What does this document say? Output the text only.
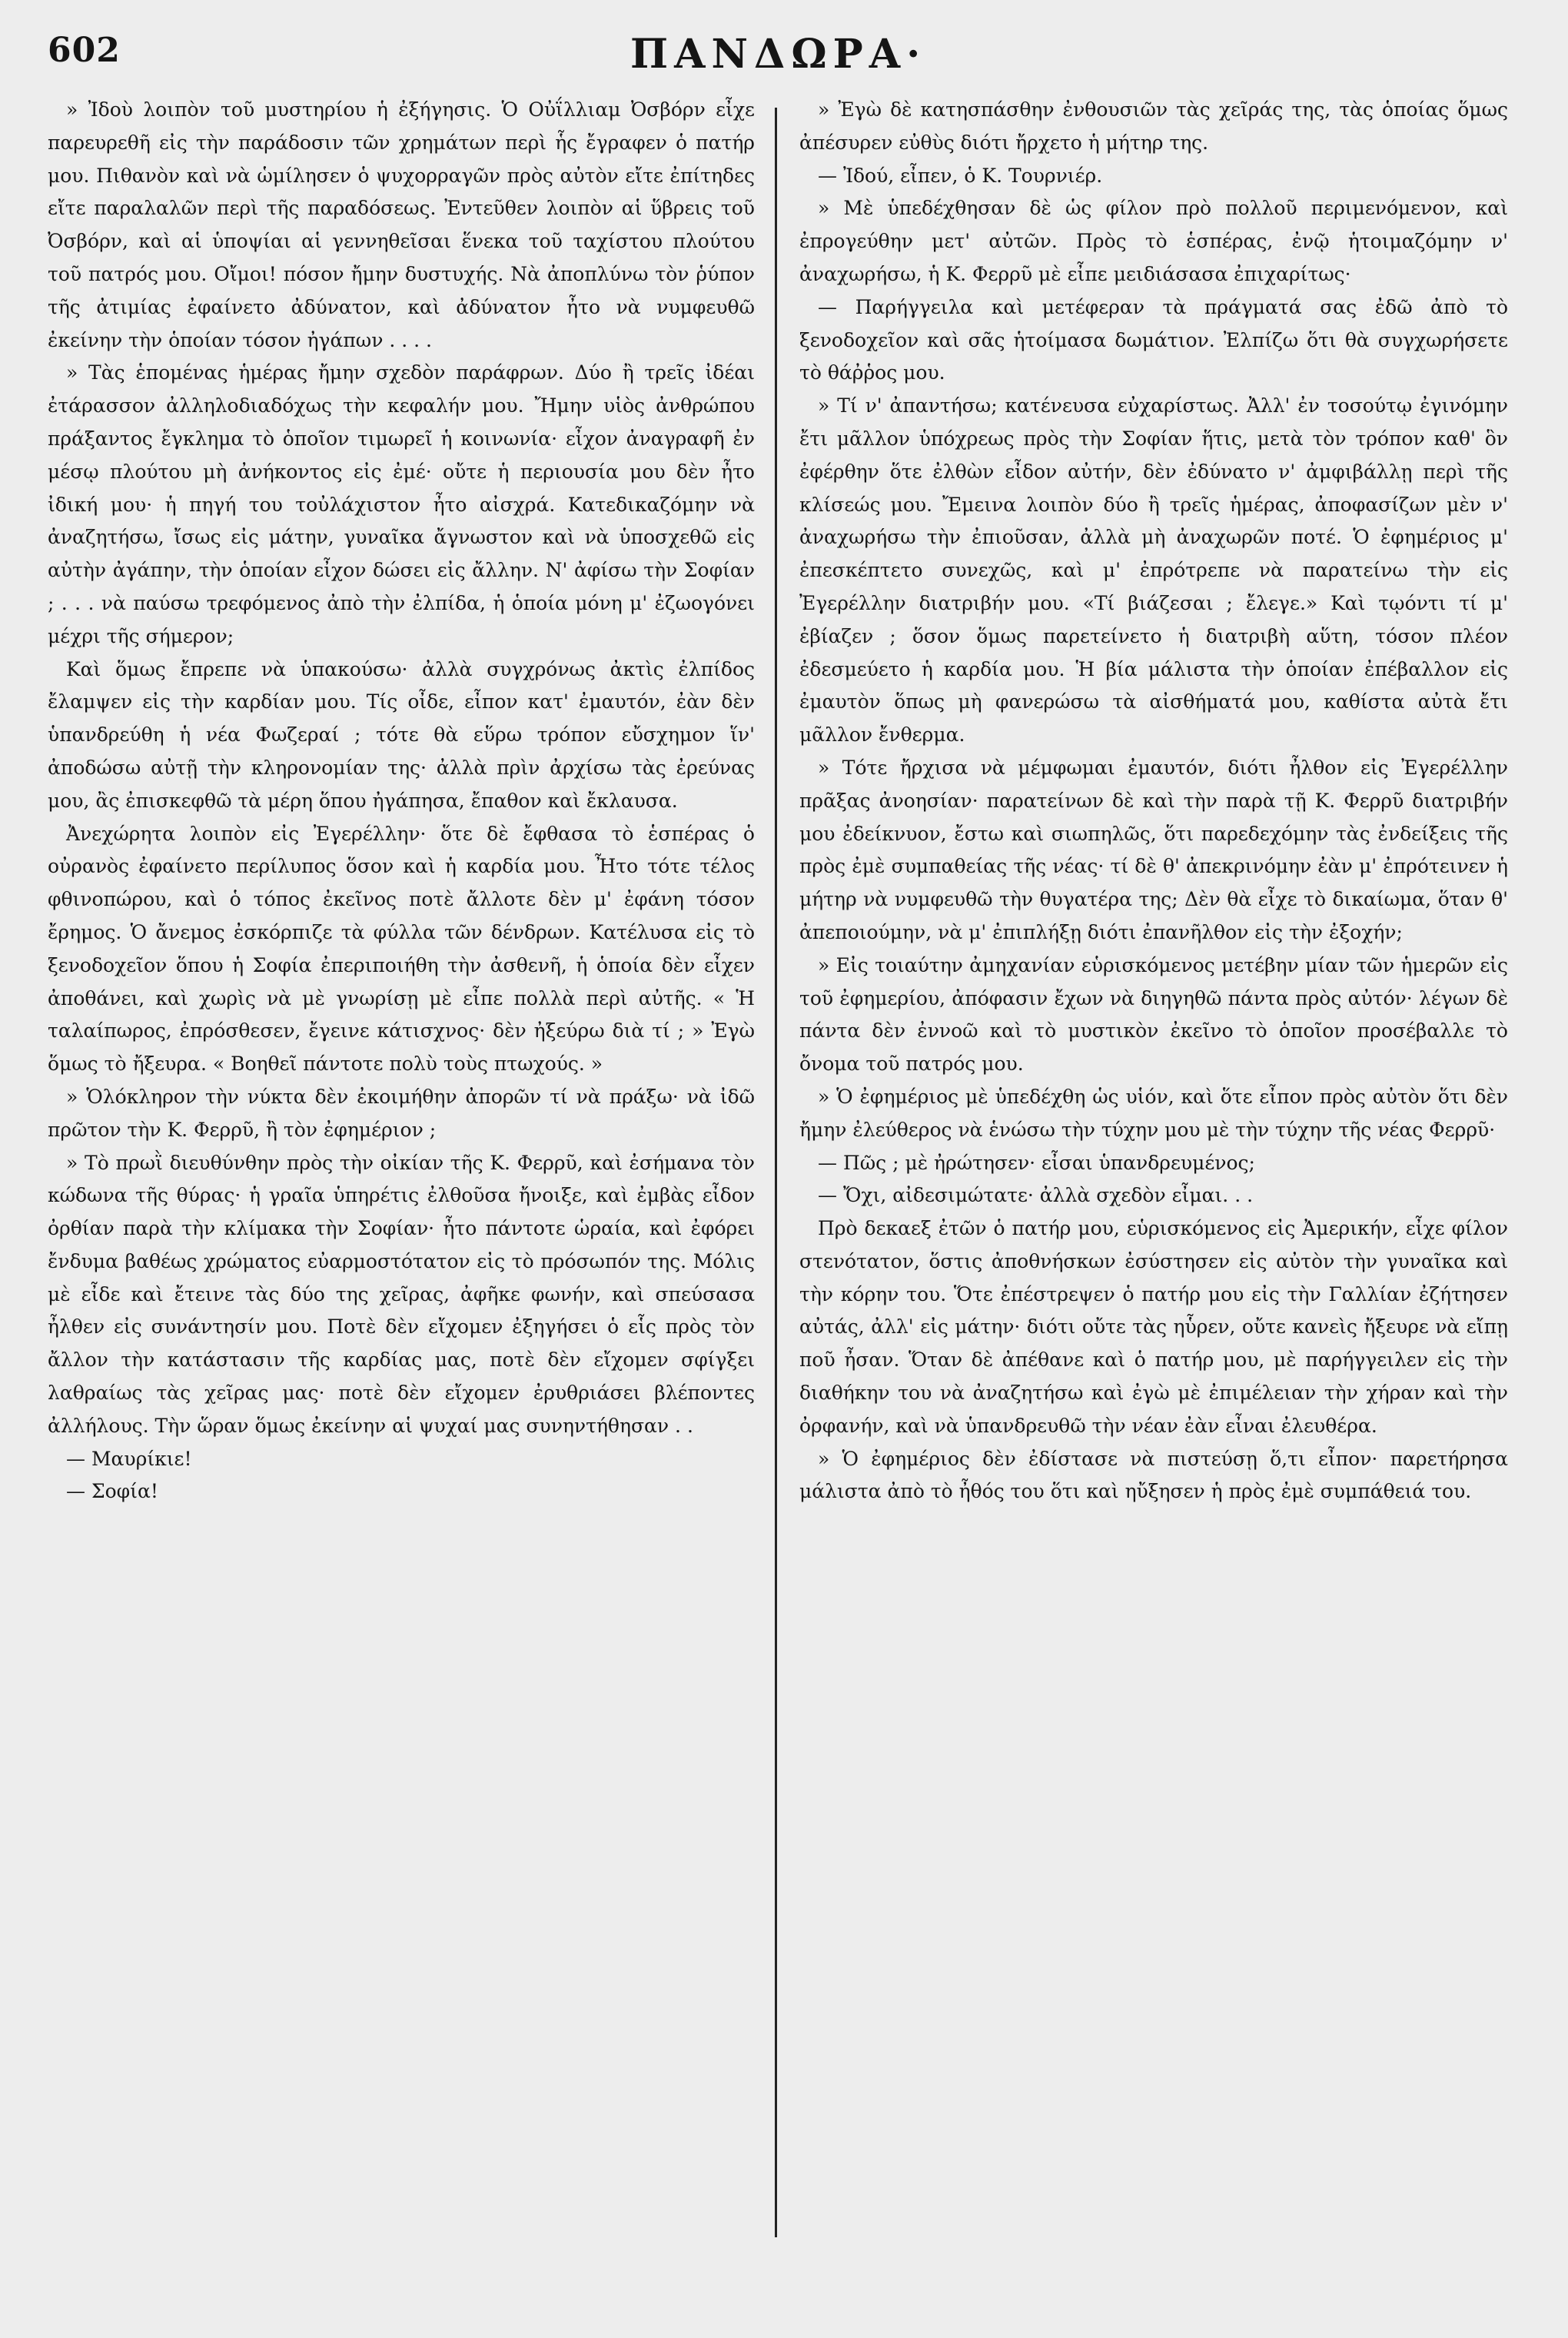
602	ΠΑΝΔΩΡΑ·

» Ἰδοὺ λοιπὸν τοῦ μυστηρίου ἡ ἐξήγησις. Ὁ Οὐΐλλιαμ Ὀσβόρν εἶχε παρευρεθῆ εἰς τὴν παράδοσιν τῶν χρημάτων περὶ ἧς ἔγραφεν ὁ πατήρ μου. Πιθανὸν καὶ νὰ ὡμίλησεν ὁ ψυχορραγῶν πρὸς αὐτὸν εἴτε ἐπίτηδες εἴτε παραλαλῶν περὶ τῆς παραδόσεως. Ἐντεῦθεν λοιπὸν αἱ ὕβρεις τοῦ Ὀσβόρν, καὶ αἱ ὑποψίαι αἱ γεννηθεῖσαι ἕνεκα τοῦ ταχίστου πλούτου τοῦ πατρός μου. Οἴμοι! πόσον ἤμην δυστυχής. Νὰ ἀποπλύνω τὸν ῥύπον τῆς ἀτιμίας ἐφαίνετο ἀδύνατον, καὶ ἀδύνατον ἦτο νὰ νυμφευθῶ ἐκείνην τὴν ὁποίαν τόσον ἠγάπων . . . .

» Τὰς ἑπομένας ἡμέρας ἤμην σχεδὸν παράφρων. Δύο ἢ τρεῖς ἰδέαι ἐτάρασσον ἀλληλοδιαδόχως τὴν κεφαλήν μου. Ἤμην υἱὸς ἀνθρώπου πράξαντος ἔγκλημα τὸ ὁποῖον τιμωρεῖ ἡ κοινωνία· εἶχον ἀναγραφῆ ἐν μέσῳ πλούτου μὴ ἀνήκοντος εἰς ἐμέ· οὔτε ἡ περιουσία μου δὲν ἦτο ἰδική μου· ἡ πηγή του τοὐλάχιστον ἦτο αἰσχρά. Κατεδικαζόμην νὰ ἀναζητήσω, ἴσως εἰς μάτην, γυναῖκα ἄγνωστον καὶ νὰ ὑποσχεθῶ εἰς αὐτὴν ἀγάπην, τὴν ὁποίαν εἶχον δώσει εἰς ἄλλην. Ν' ἀφίσω τὴν Σοφίαν ; . . . νὰ παύσω τρεφόμενος ἀπὸ τὴν ἐλπίδα, ἡ ὁποία μόνη μ' ἐζωογόνει μέχρι τῆς σήμερον;

Καὶ ὅμως ἔπρεπε νὰ ὑπακούσω· ἀλλὰ συγχρόνως ἀκτὶς ἐλπίδος ἔλαμψεν εἰς τὴν καρδίαν μου. Τίς οἶδε, εἶπον κατ' ἐμαυτόν, ἐὰν δὲν ὑπανδρεύθη ἡ νέα Φωζεραί ; τότε θὰ εὕρω τρόπον εὔσχημον ἵν' ἀποδώσω αὐτῇ τὴν κληρονομίαν της· ἀλλὰ πρὶν ἀρχίσω τὰς ἐρεύνας μου, ἂς ἐπισκεφθῶ τὰ μέρη ὅπου ἠγάπησα, ἔπαθον καὶ ἔκλαυσα.

Ἀνεχώρητα λοιπὸν εἰς Ἐγερέλλην· ὅτε δὲ ἔφθασα τὸ ἑσπέρας ὁ οὐρανὸς ἐφαίνετο περίλυπος ὅσον καὶ ἡ καρδία μου. Ἦτο τότε τέλος φθινοπώρου, καὶ ὁ τόπος ἐκεῖνος ποτὲ ἄλλοτε δὲν μ' ἐφάνη τόσον ἔρημος. Ὁ ἄνεμος ἐσκόρπιζε τὰ φύλλα τῶν δένδρων. Κατέλυσα εἰς τὸ ξενοδοχεῖον ὅπου ἡ Σοφία ἐπεριποιήθη τὴν ἀσθενῆ, ἡ ὁποία δὲν εἶχεν ἀποθάνει, καὶ χωρὶς νὰ μὲ γνωρίσῃ μὲ εἶπε πολλὰ περὶ αὐτῆς. « Ἡ ταλαίπωρος, ἐπρόσθεσεν, ἔγεινε κάτισχνος· δὲν ἠξεύρω διὰ τί ; » Ἐγὼ ὅμως τὸ ἤξευρα. « Βοηθεῖ πάντοτε πολὺ τοὺς πτωχούς. »

» Ὁλόκληρον τὴν νύκτα δὲν ἐκοιμήθην ἀπορῶν τί νὰ πράξω· νὰ ἰδῶ πρῶτον τὴν Κ. Φερρῦ, ἢ τὸν ἐφημέριον ;

» Τὸ πρωῒ διευθύνθην πρὸς τὴν οἰκίαν τῆς Κ. Φερρῦ, καὶ ἐσήμανα τὸν κώδωνα τῆς θύρας· ἡ γραῖα ὑπηρέτις ἐλθοῦσα ἤνοιξε, καὶ ἐμβὰς εἶδον ὀρθίαν παρὰ τὴν κλίμακα τὴν Σοφίαν· ἦτο πάντοτε ὡραία, καὶ ἐφόρει ἔνδυμα βαθέως χρώματος εὐαρμοστότατον εἰς τὸ πρόσωπόν της. Μόλις μὲ εἶδε καὶ ἔτεινε τὰς δύο της χεῖρας, ἀφῆκε φωνήν, καὶ σπεύσασα ἦλθεν εἰς συνάντησίν μου. Ποτὲ δὲν εἴχομεν ἐξηγήσει ὁ εἷς πρὸς τὸν ἄλλον τὴν κατάστασιν τῆς καρδίας μας, ποτὲ δὲν εἴχομεν σφίγξει λαθραίως τὰς χεῖρας μας· ποτὲ δὲν εἴχομεν ἐρυθριάσει βλέποντες ἀλλήλους. Τὴν ὥραν ὅμως ἐκείνην αἱ ψυχαί μας συνηντήθησαν . .

— Μαυρίκιε!

— Σοφία!

» Ἐγὼ δὲ κατησπάσθην ἐνθουσιῶν τὰς χεῖράς της, τὰς ὁποίας ὅμως ἀπέσυρεν εὐθὺς διότι ἤρχετο ἡ μήτηρ της.

— Ἰδού, εἶπεν, ὁ Κ. Τουρνιέρ.

» Μὲ ὑπεδέχθησαν δὲ ὡς φίλον πρὸ πολλοῦ περιμενόμενον, καὶ ἐπρογεύθην μετ' αὐτῶν. Πρὸς τὸ ἑσπέρας, ἐνῷ ἡτοιμαζόμην ν' ἀναχωρήσω, ἡ Κ. Φερρῦ μὲ εἶπε μειδιάσασα ἐπιχαρίτως·

— Παρήγγειλα καὶ μετέφεραν τὰ πράγματά σας ἐδῶ ἀπὸ τὸ ξενοδοχεῖον καὶ σᾶς ἡτοίμασα δωμάτιον. Ἐλπίζω ὅτι θὰ συγχωρήσετε τὸ θάῤῥος μου.

» Τί ν' ἀπαντήσω; κατένευσα εὐχαρίστως. Ἀλλ' ἐν τοσούτῳ ἐγινόμην ἔτι μᾶλλον ὑπόχρεως πρὸς τὴν Σοφίαν ἥτις, μετὰ τὸν τρόπον καθ' ὃν ἐφέρθην ὅτε ἐλθὼν εἶδον αὐτήν, δὲν ἐδύνατο ν' ἀμφιβάλλῃ περὶ τῆς κλίσεώς μου. Ἔμεινα λοιπὸν δύο ἢ τρεῖς ἡμέρας, ἀποφασίζων μὲν ν' ἀναχωρήσω τὴν ἐπιοῦσαν, ἀλλὰ μὴ ἀναχωρῶν ποτέ. Ὁ ἐφημέριος μ' ἐπεσκέπτετο συνεχῶς, καὶ μ' ἐπρότρεπε νὰ παρατείνω τὴν εἰς Ἐγερέλλην διατριβήν μου. «Τί βιάζεσαι ; ἔλεγε.» Καὶ τῳόντι τί μ' ἐβίαζεν ; ὅσον ὅμως παρετείνετο ἡ διατριβὴ αὕτη, τόσον πλέον ἐδεσμεύετο ἡ καρδία μου. Ἡ βία μάλιστα τὴν ὁποίαν ἐπέβαλλον εἰς ἐμαυτὸν ὅπως μὴ φανερώσω τὰ αἰσθήματά μου, καθίστα αὐτὰ ἔτι μᾶλλον ἔνθερμα.

» Τότε ἤρχισα νὰ μέμφωμαι ἐμαυτόν, διότι ἦλθον εἰς Ἐγερέλλην πρᾶξας ἀνοησίαν· παρατείνων δὲ καὶ τὴν παρὰ τῇ Κ. Φερρῦ διατριβήν μου ἐδείκνυον, ἔστω καὶ σιωπηλῶς, ὅτι παρεδεχόμην τὰς ἐνδείξεις τῆς πρὸς ἐμὲ συμπαθείας τῆς νέας· τί δὲ θ' ἀπεκρινόμην ἐὰν μ' ἐπρότεινεν ἡ μήτηρ νὰ νυμφευθῶ τὴν θυγατέρα της; Δὲν θὰ εἶχε τὸ δικαίωμα, ὅταν θ' ἀπεποιούμην, νὰ μ' ἐπιπλήξῃ διότι ἐπανῆλθον εἰς τὴν ἐξοχήν;

» Εἰς τοιαύτην ἀμηχανίαν εὑρισκόμενος μετέβην μίαν τῶν ἡμερῶν εἰς τοῦ ἐφημερίου, ἀπόφασιν ἔχων νὰ διηγηθῶ πάντα πρὸς αὐτόν· λέγων δὲ πάντα δὲν ἐννοῶ καὶ τὸ μυστικὸν ἐκεῖνο τὸ ὁποῖον προσέβαλλε τὸ ὄνομα τοῦ πατρός μου.

» Ὁ ἐφημέριος μὲ ὑπεδέχθη ὡς υἱόν, καὶ ὅτε εἶπον πρὸς αὐτὸν ὅτι δὲν ἤμην ἐλεύθερος νὰ ἑνώσω τὴν τύχην μου μὲ τὴν τύχην τῆς νέας Φερρῦ·

— Πῶς ; μὲ ἠρώτησεν· εἶσαι ὑπανδρευμένος;

— Ὄχι, αἰδεσιμώτατε· ἀλλὰ σχεδὸν εἶμαι. . .

Πρὸ δεκαεξ ἐτῶν ὁ πατήρ μου, εὑρισκόμενος εἰς Ἀμερικήν, εἶχε φίλον στενότατον, ὅστις ἀποθνήσκων ἐσύστησεν εἰς αὐτὸν τὴν γυναῖκα καὶ τὴν κόρην του. Ὅτε ἐπέστρεψεν ὁ πατήρ μου εἰς τὴν Γαλλίαν ἐζήτησεν αὐτάς, ἀλλ' εἰς μάτην· διότι οὔτε τὰς ηὗρεν, οὔτε κανεὶς ἤξευρε νὰ εἴπῃ ποῦ ἦσαν. Ὅταν δὲ ἀπέθανε καὶ ὁ πατήρ μου, μὲ παρήγγειλεν εἰς τὴν διαθήκην του νὰ ἀναζητήσω καὶ ἐγὼ μὲ ἐπιμέλειαν τὴν χήραν καὶ τὴν ὀρφανήν, καὶ νὰ ὑπανδρευθῶ τὴν νέαν ἐὰν εἶναι ἐλευθέρα.

» Ὁ ἐφημέριος δὲν ἐδίστασε νὰ πιστεύσῃ ὅ,τι εἶπον· παρετήρησα μάλιστα ἀπὸ τὸ ἦθός του ὅτι καὶ ηὔξησεν ἡ πρὸς ἐμὲ συμπάθειά του.
